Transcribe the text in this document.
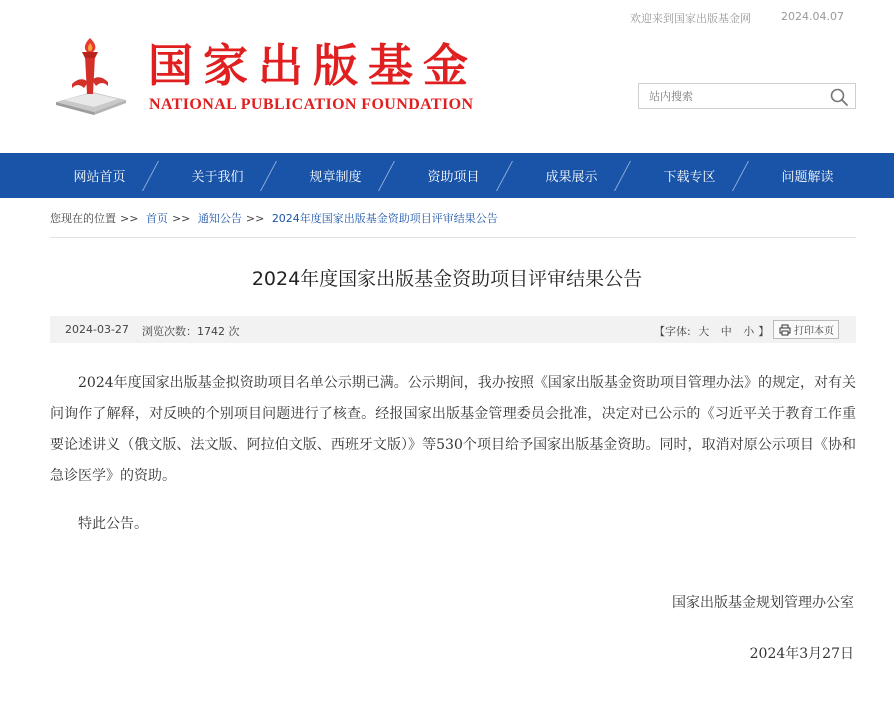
欢迎来到国家出版基金网	2024.04.07
国家出版基金
NATIONAL PUBLICATION FOUNDATION
站内搜索
网站首页	关于我们	规章制度	资助项目	成果展示	下载专区	问题解读
您现在的位置 >> 首页 >> 通知公告 >> 2024年度国家出版基金资助项目评审结果公告
2024年度国家出版基金资助项目评审结果公告
2024-03-27 浏览次数：1742 次	【字体: 大 中 小 】 打印本页

2024年度国家出版基金拟资助项目名单公示期已满。公示期间，我办按照《国家出版基金资助项目管理办法》的规定，对有关问询作了解释，对反映的个别项目问题进行了核查。经报国家出版基金管理委员会批准，决定对已公示的《习近平关于教育工作重要论述讲义（俄文版、法文版、阿拉伯文版、西班牙文版）》等530个项目给予国家出版基金资助。同时，取消对原公示项目《协和急诊医学》的资助。

特此公告。

国家出版基金规划管理办公室
2024年3月27日
